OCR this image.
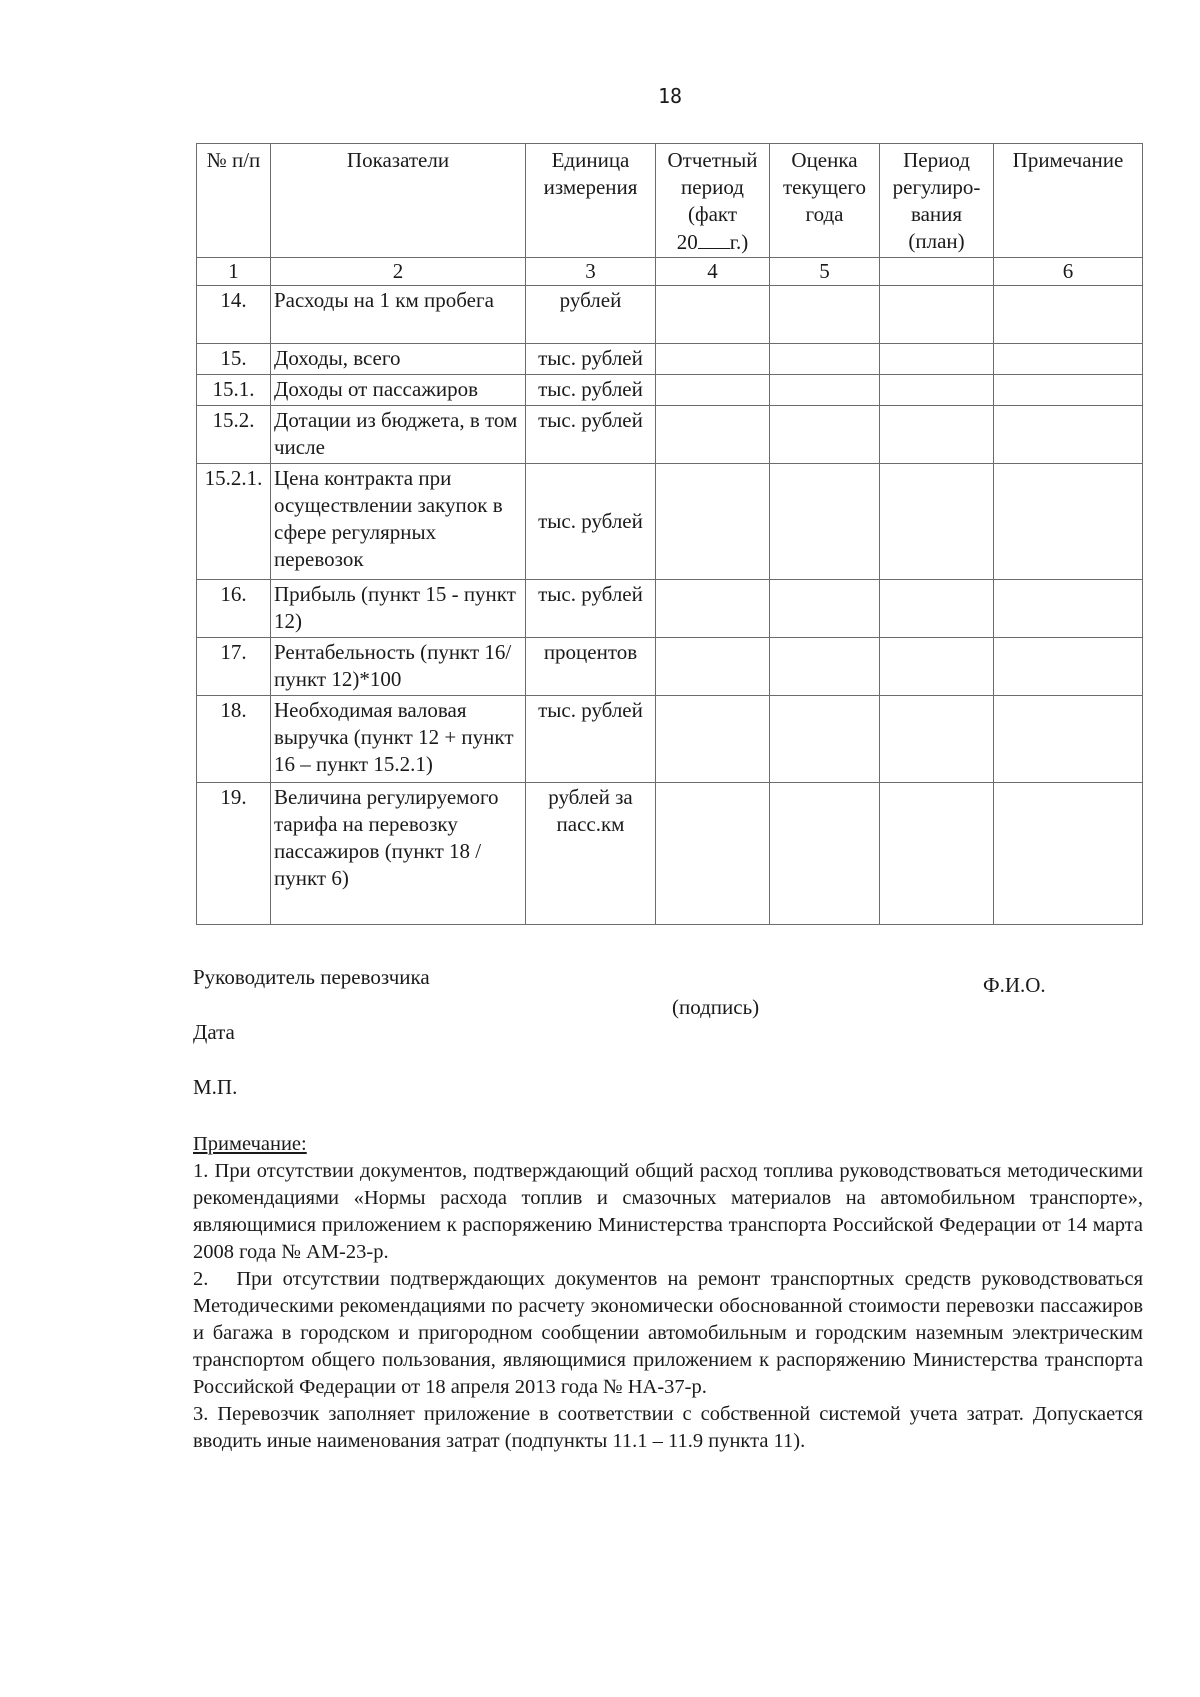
18
№ п/п	Показатели	Единица измерения	Отчетный
период
(факт
20 г.)	Оценка текущего года	Период регулиро- вания (план)	Примечание
1	2	3	4	5		6
14.	Расходы на 1 км пробега	рублей				
15.	Доходы, всего	тыс. рублей				
15.1.	Доходы от пассажиров	тыс. рублей				
15.2.	Дотации из бюджета, в том числе	тыс. рублей				
15.2.1.	Цена контракта при осуществлении закупок в сфере регулярных перевозок	тыс. рублей				
16.	Прибыль (пункт 15 - пункт 12)	тыс. рублей				
17.	Рентабельность (пункт 16/ пункт 12)*100	процентов				
18.	Необходимая валовая выручка (пункт 12 + пункт 16 – пункт 15.2.1)	тыс. рублей				
19.	Величина регулируемого тарифа на перевозку пассажиров (пункт 18 /пункт 6)	рублей за пасс.км				
Руководитель перевозчика
(подпись)
Ф.И.О.
Дата
М.П.
Примечание:

1. При отсутствии документов, подтверждающий общий расход топлива руководствоваться методическими рекомендациями «Нормы расхода топлив и смазочных материалов на автомобильном транспорте», являющимися приложением к распоряжению Министерства транспорта Российской Федерации от 14 марта 2008 года № АМ-23-р.

2. При отсутствии подтверждающих документов на ремонт транспортных средств руководствоваться Методическими рекомендациями по расчету экономически обоснованной стоимости перевозки пассажиров и багажа в городском и пригородном сообщении автомобильным и городским наземным электрическим транспортом общего пользования, являющимися приложением к распоряжению Министерства транспорта Российской Федерации от 18 апреля 2013 года № НА-37-р.

3. Перевозчик заполняет приложение в соответствии с собственной системой учета затрат. Допускается вводить иные наименования затрат (подпункты 11.1 – 11.9 пункта 11).
